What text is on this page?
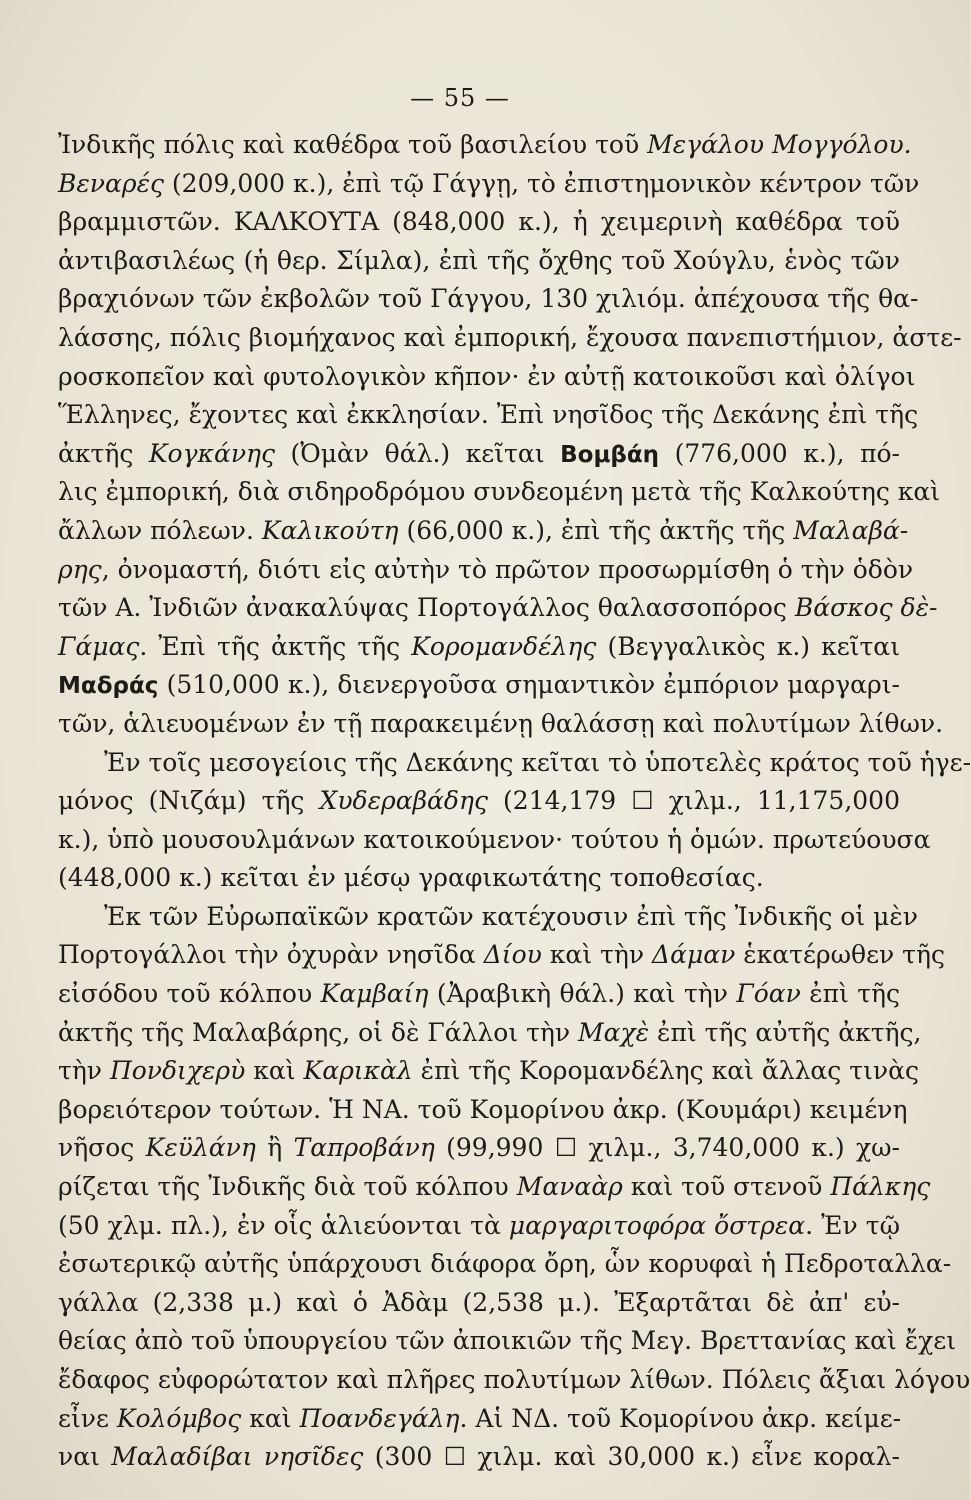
— 55 —
Ἰνδικῆς πόλις καὶ καθέδρα τοῦ βασιλείου τοῦ Μεγάλου Μογγόλου.
Βεναρές (209,000 κ.), ἐπὶ τῷ Γάγγῃ, τὸ ἐπιστημονικὸν κέντρον τῶν
βραμμιστῶν. ΚΑΛΚΟΥΤΑ (848,000 κ.), ἡ χειμερινὴ καθέδρα τοῦ
ἀντιβασιλέως (ἡ θερ. Σίμλα), ἐπὶ τῆς ὄχθης τοῦ Χούγλυ, ἑνὸς τῶν
βραχιόνων τῶν ἐκβολῶν τοῦ Γάγγου, 130 χιλιόμ. ἀπέχουσα τῆς θα-
λάσσης, πόλις βιομήχανος καὶ ἐμπορική, ἔχουσα πανεπιστήμιον, ἀστε-
ροσκοπεῖον καὶ φυτολογικὸν κῆπον· ἐν αὐτῇ κατοικοῦσι καὶ ὀλίγοι
Ἕλληνες, ἔχοντες καὶ ἐκκλησίαν. Ἐπὶ νησῖδος τῆς Δεκάνης ἐπὶ τῆς
ἀκτῆς Κογκάνης (Ὀμὰν θάλ.) κεῖται Βομβάη (776,000 κ.), πό-
λις ἐμπορική, διὰ σιδηροδρόμου συνδεομένη μετὰ τῆς Καλκούτης καὶ
ἄλλων πόλεων. Καλικούτη (66,000 κ.), ἐπὶ τῆς ἀκτῆς τῆς Μαλαβά-
ρης, ὀνομαστή, διότι εἰς αὐτὴν τὸ πρῶτον προσωρμίσθη ὁ τὴν ὁδὸν
τῶν Α. Ἰνδιῶν ἀνακαλύψας Πορτογάλλος θαλασσοπόρος Βάσκος δὲ-
Γάμας. Ἐπὶ τῆς ἀκτῆς τῆς Κορομανδέλης (Βεγγαλικὸς κ.) κεῖται
Μαδράς (510,000 κ.), διενεργοῦσα σημαντικὸν ἐμπόριον μαργαρι-
τῶν, ἁλιευομένων ἐν τῇ παρακειμένῃ θαλάσσῃ καὶ πολυτίμων λίθων.
Ἐν τοῖς μεσογείοις τῆς Δεκάνης κεῖται τὸ ὑποτελὲς κράτος τοῦ ἡγε-
μόνος (Νιζάμ) τῆς Χυδεραβάδης (214,179 ☐ χιλμ., 11,175,000
κ.), ὑπὸ μουσουλμάνων κατοικούμενον· τούτου ἡ ὁμών. πρωτεύουσα
(448,000 κ.) κεῖται ἐν μέσῳ γραφικωτάτης τοποθεσίας.
Ἐκ τῶν Εὐρωπαϊκῶν κρατῶν κατέχουσιν ἐπὶ τῆς Ἰνδικῆς οἱ μὲν
Πορτογάλλοι τὴν ὀχυρὰν νησῖδα Δίου καὶ τὴν Δάμαν ἑκατέρωθεν τῆς
εἰσόδου τοῦ κόλπου Καμβαίη (Ἀραβικὴ θάλ.) καὶ τὴν Γόαν ἐπὶ τῆς
ἀκτῆς τῆς Μαλαβάρης, οἱ δὲ Γάλλοι τὴν Μαχὲ ἐπὶ τῆς αὐτῆς ἀκτῆς,
τὴν Πονδιχερὺ καὶ Καρικὰλ ἐπὶ τῆς Κορομανδέλης καὶ ἄλλας τινὰς
βορειότερον τούτων. Ἡ ΝΑ. τοῦ Κομορίνου ἀκρ. (Κουμάρι) κειμένη
νῆσος Κεϋλάνη ἢ Ταπροβάνη (99,990 ☐ χιλμ., 3,740,000 κ.) χω-
ρίζεται τῆς Ἰνδικῆς διὰ τοῦ κόλπου Μαναὰρ καὶ τοῦ στενοῦ Πάλκης
(50 χλμ. πλ.), ἐν οἷς ἁλιεύονται τὰ μαργαριτοφόρα ὄστρεα. Ἐν τῷ
ἐσωτερικῷ αὐτῆς ὑπάρχουσι διάφορα ὄρη, ὧν κορυφαὶ ἡ Πεδροταλλα-
γάλλα (2,338 μ.) καὶ ὁ Ἀδὰμ (2,538 μ.). Ἐξαρτᾶται δὲ ἀπ' εὐ-
θείας ἀπὸ τοῦ ὑπουργείου τῶν ἀποικιῶν τῆς Μεγ. Βρεττανίας καὶ ἔχει
ἔδαφος εὐφορώτατον καὶ πλῆρες πολυτίμων λίθων. Πόλεις ἄξιαι λόγου
εἶνε Κολόμβος καὶ Ποανδεγάλη. Αἱ ΝΔ. τοῦ Κομορίνου ἀκρ. κείμε-
ναι Μαλαδίβαι νησῖδες (300 ☐ χιλμ. καὶ 30,000 κ.) εἶνε κοραλ-
